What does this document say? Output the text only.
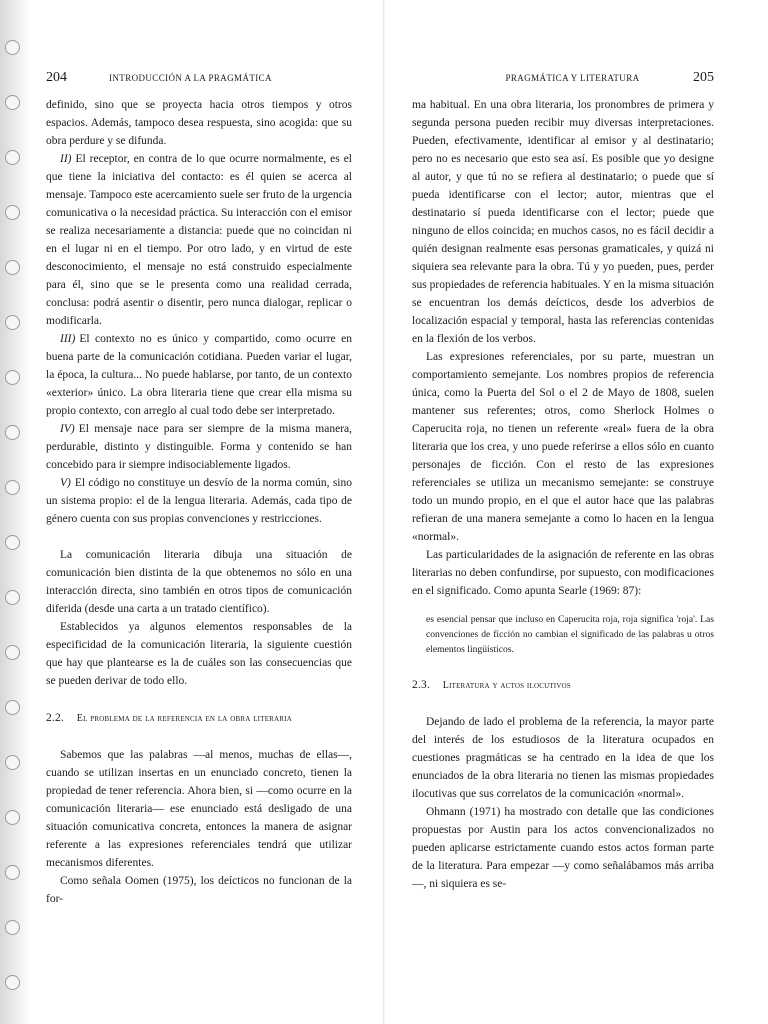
204	INTRODUCCIÓN A LA PRAGMÁTICA

definido, sino que se proyecta hacia otros tiempos y otros espacios. Además, tampoco desea respuesta, sino acogida: que su obra perdure y se difunda.

II) El receptor, en contra de lo que ocurre normalmente, es el que tiene la iniciativa del contacto: es él quien se acerca al mensaje. Tampoco este acercamiento suele ser fruto de la urgencia comunicativa o la necesidad práctica. Su interacción con el emisor se realiza necesariamente a distancia: puede que no coincidan ni en el lugar ni en el tiempo. Por otro lado, y en virtud de este desconocimiento, el mensaje no está construido especialmente para él, sino que se le presenta como una realidad cerrada, conclusa: podrá asentir o disentir, pero nunca dialogar, replicar o modificarla.

III) El contexto no es único y compartido, como ocurre en buena parte de la comunicación cotidiana. Pueden variar el lugar, la época, la cultura... No puede hablarse, por tanto, de un contexto «exterior» único. La obra literaria tiene que crear ella misma su propio contexto, con arreglo al cual todo debe ser interpretado.

IV) El mensaje nace para ser siempre de la misma manera, perdurable, distinto y distinguible. Forma y contenido se han concebido para ir siempre indisociablemente ligados.

V) El código no constituye un desvío de la norma común, sino un sistema propio: el de la lengua literaria. Además, cada tipo de género cuenta con sus propias convenciones y restricciones.

La comunicación literaria dibuja una situación de comunicación bien distinta de la que obtenemos no sólo en una interacción directa, sino también en otros tipos de comunicación diferida (desde una carta a un tratado científico).

Establecidos ya algunos elementos responsables de la especificidad de la comunicación literaria, la siguiente cuestión que hay que plantearse es la de cuáles son las consecuencias que se pueden derivar de todo ello.

2.2. El problema de la referencia en la obra literaria

Sabemos que las palabras —al menos, muchas de ellas—, cuando se utilizan insertas en un enunciado concreto, tienen la propiedad de tener referencia. Ahora bien, si —como ocurre en la comunicación literaria— ese enunciado está desligado de una situación comunicativa concreta, entonces la manera de asignar referente a las expresiones referenciales tendrá que utilizar mecanismos diferentes.

Como señala Oomen (1975), los deícticos no funcionan de la for-

PRAGMÁTICA Y LITERATURA	205

ma habitual. En una obra literaria, los pronombres de primera y segunda persona pueden recibir muy diversas interpretaciones. Pueden, efectivamente, identificar al emisor y al destinatario; pero no es necesario que esto sea así. Es posible que yo designe al autor, y que tú no se refiera al destinatario; o puede que sí pueda identificarse con el lector; autor, mientras que el destinatario sí pueda identificarse con el lector; puede que ninguno de ellos coincida; en muchos casos, no es fácil decidir a quién designan realmente esas personas gramaticales, y quizá ni siquiera sea relevante para la obra. Tú y yo pueden, pues, perder sus propiedades de referencia habituales. Y en la misma situación se encuentran los demás deícticos, desde los adverbios de localización espacial y temporal, hasta las referencias contenidas en la flexión de los verbos.

Las expresiones referenciales, por su parte, muestran un comportamiento semejante. Los nombres propios de referencia única, como la Puerta del Sol o el 2 de Mayo de 1808, suelen mantener sus referentes; otros, como Sherlock Holmes o Caperucita roja, no tienen un referente «real» fuera de la obra literaria que los crea, y uno puede referirse a ellos sólo en cuanto personajes de ficción. Con el resto de las expresiones referenciales se utiliza un mecanismo semejante: se construye todo un mundo propio, en el que el autor hace que las palabras refieran de una manera semejante a como lo hacen en la lengua «normal».

Las particularidades de la asignación de referente en las obras literarias no deben confundirse, por supuesto, con modificaciones en el significado. Como apunta Searle (1969: 87):

es esencial pensar que incluso en Caperucita roja, roja significa 'roja'. Las convenciones de ficción no cambian el significado de las palabras u otros elementos lingüísticos.
2.3. Literatura y actos ilocutivos

Dejando de lado el problema de la referencia, la mayor parte del interés de los estudiosos de la literatura ocupados en cuestiones pragmáticas se ha centrado en la idea de que los enunciados de la obra literaria no tienen las mismas propiedades ilocutivas que sus correlatos de la comunicación «normal».

Ohmann (1971) ha mostrado con detalle que las condiciones propuestas por Austin para los actos convencionalizados no pueden aplicarse estrictamente cuando estos actos forman parte de la literatura. Para empezar —y como señalábamos más arriba—, ni siquiera es se-
